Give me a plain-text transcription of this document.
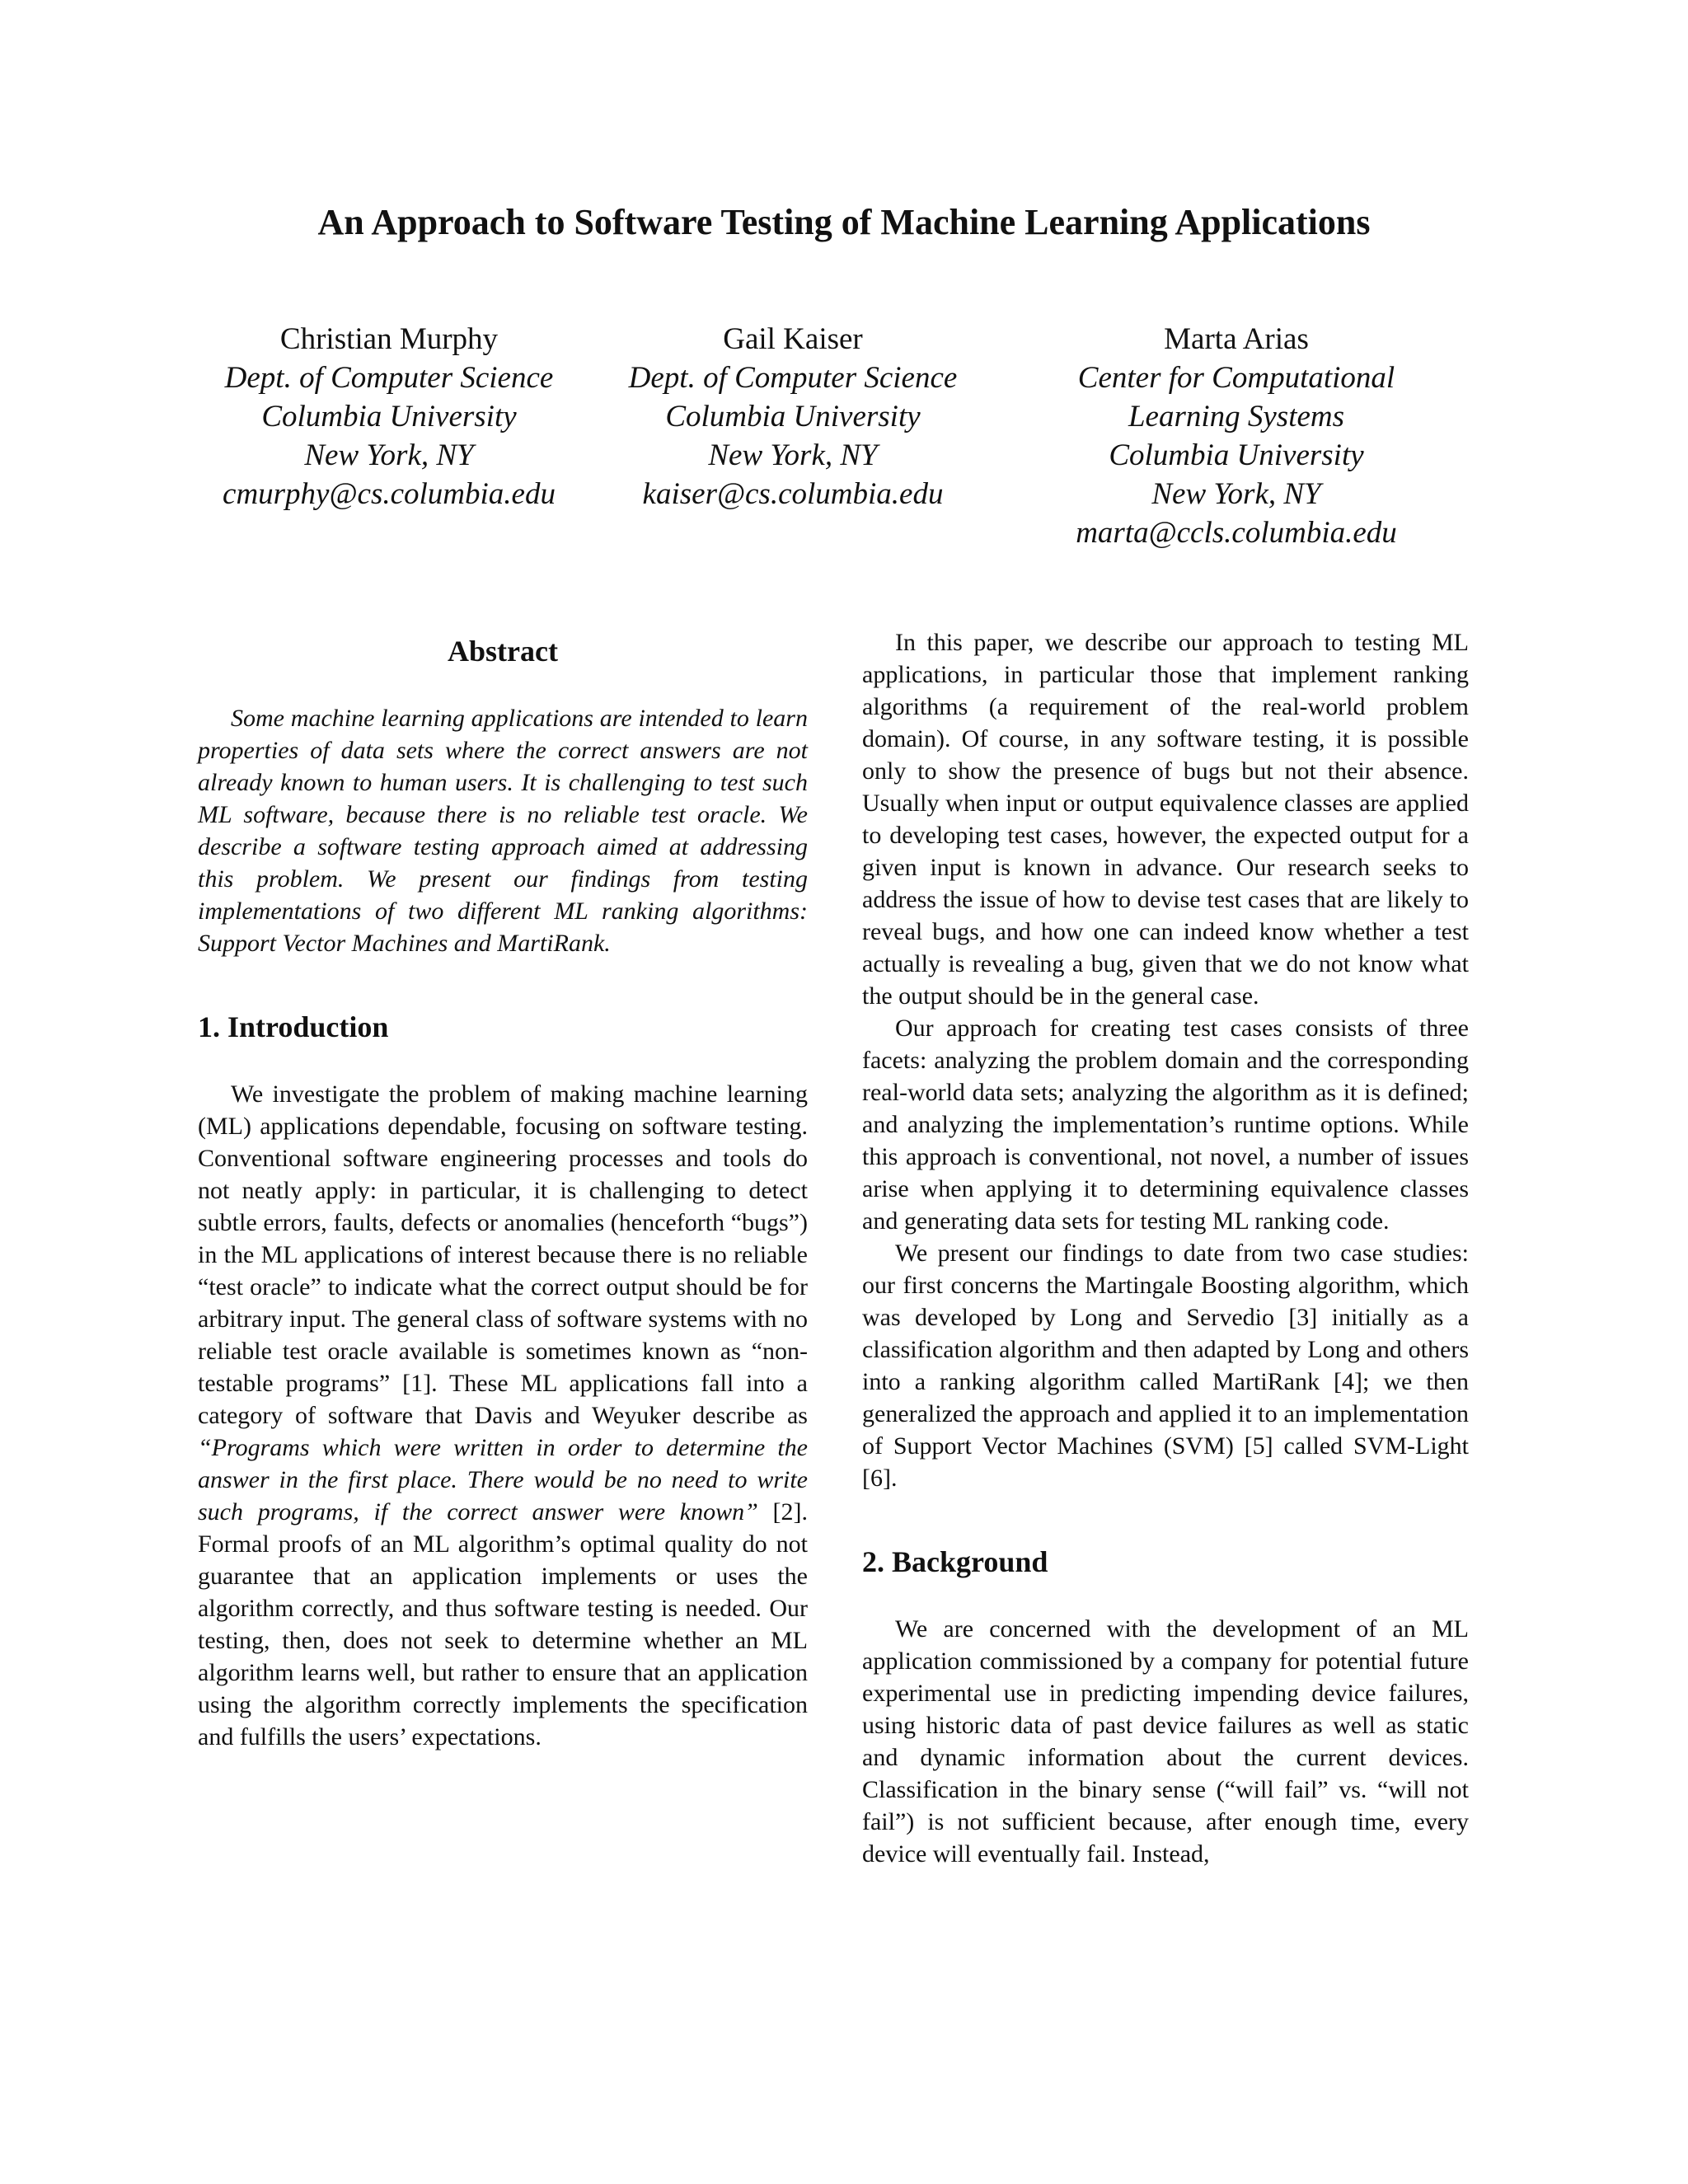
An Approach to Software Testing of Machine Learning Applications
Christian Murphy
Dept. of Computer Science
Columbia University
New York, NY
cmurphy@cs.columbia.edu
Gail Kaiser
Dept. of Computer Science
Columbia University
New York, NY
kaiser@cs.columbia.edu
Marta Arias
Center for Computational
Learning Systems
Columbia University
New York, NY
marta@ccls.columbia.edu
Abstract

Some machine learning applications are intended to learn properties of data sets where the correct answers are not already known to human users. It is challenging to test such ML software, because there is no reliable test oracle. We describe a software testing approach aimed at addressing this problem. We present our findings from testing implementations of two different ML ranking algorithms: Support Vector Machines and MartiRank.

1. Introduction

We investigate the problem of making machine learning (ML) applications dependable, focusing on software testing. Conventional software engineering processes and tools do not neatly apply: in particular, it is challenging to detect subtle errors, faults, defects or anomalies (henceforth “bugs”) in the ML applications of interest because there is no reliable “test oracle” to indicate what the correct output should be for arbitrary input. The general class of software systems with no reliable test oracle available is sometimes known as “non-testable programs” [1]. These ML applications fall into a category of software that Davis and Weyuker describe as “Programs which were written in order to determine the answer in the first place. There would be no need to write such programs, if the correct answer were known” [2]. Formal proofs of an ML algorithm’s optimal quality do not guarantee that an application implements or uses the algorithm correctly, and thus software testing is needed. Our testing, then, does not seek to determine whether an ML algorithm learns well, but rather to ensure that an application using the algorithm correctly implements the specification and fulfills the users’ expectations.

In this paper, we describe our approach to testing ML applications, in particular those that implement ranking algorithms (a requirement of the real-world problem domain). Of course, in any software testing, it is possible only to show the presence of bugs but not their absence. Usually when input or output equivalence classes are applied to developing test cases, however, the expected output for a given input is known in advance. Our research seeks to address the issue of how to devise test cases that are likely to reveal bugs, and how one can indeed know whether a test actually is revealing a bug, given that we do not know what the output should be in the general case.

Our approach for creating test cases consists of three facets: analyzing the problem domain and the corresponding real-world data sets; analyzing the algorithm as it is defined; and analyzing the implementation’s runtime options. While this approach is conventional, not novel, a number of issues arise when applying it to determining equivalence classes and generating data sets for testing ML ranking code.

We present our findings to date from two case studies: our first concerns the Martingale Boosting algorithm, which was developed by Long and Servedio [3] initially as a classification algorithm and then adapted by Long and others into a ranking algorithm called MartiRank [4]; we then generalized the approach and applied it to an implementation of Support Vector Machines (SVM) [5] called SVM-Light [6].

2. Background

We are concerned with the development of an ML application commissioned by a company for potential future experimental use in predicting impending device failures, using historic data of past device failures as well as static and dynamic information about the current devices. Classification in the binary sense (“will fail” vs. “will not fail”) is not sufficient because, after enough time, every device will eventually fail. Instead,
